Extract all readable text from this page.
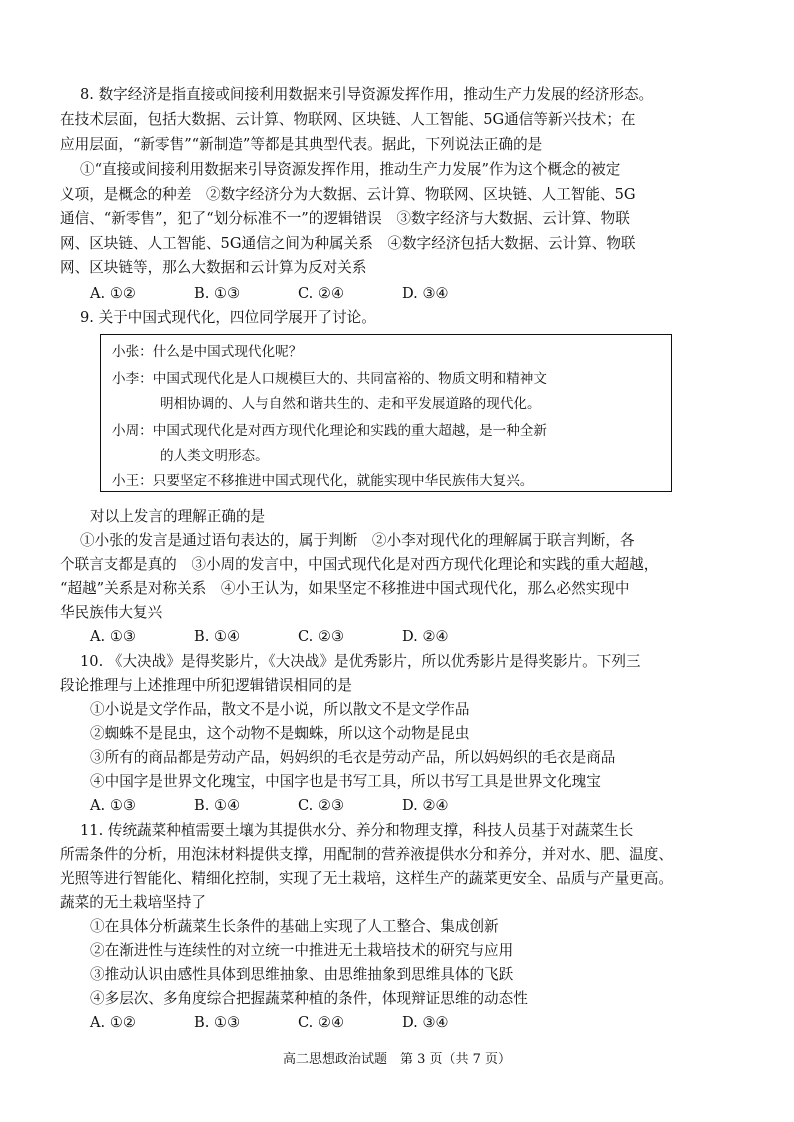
8. 数字经济是指直接或间接利用数据来引导资源发挥作用，推动生产力发展的经济形态。
在技术层面，包括大数据、云计算、物联网、区块链、人工智能、5G通信等新兴技术；在
应用层面，“新零售”“新制造”等都是其典型代表。据此，下列说法正确的是
①“直接或间接利用数据来引导资源发挥作用，推动生产力发展”作为这个概念的被定
义项，是概念的种差　②数字经济分为大数据、云计算、物联网、区块链、人工智能、5G
通信、“新零售”，犯了“划分标准不一”的逻辑错误　③数字经济与大数据、云计算、物联
网、区块链、人工智能、5G通信之间为种属关系　④数字经济包括大数据、云计算、物联
网、区块链等，那么大数据和云计算为反对关系
A. ①②	B. ①③	C. ②④	D. ③④
9. 关于中国式现代化，四位同学展开了讨论。
小张：什么是中国式现代化呢？
小李：中国式现代化是人口规模巨大的、共同富裕的、物质文明和精神文
明相协调的、人与自然和谐共生的、走和平发展道路的现代化。
小周：中国式现代化是对西方现代化理论和实践的重大超越，是一种全新
的人类文明形态。
小王：只要坚定不移推进中国式现代化，就能实现中华民族伟大复兴。
对以上发言的理解正确的是
①小张的发言是通过语句表达的，属于判断　②小李对现代化的理解属于联言判断，各
个联言支都是真的　③小周的发言中，中国式现代化是对西方现代化理论和实践的重大超越，
“超越”关系是对称关系　④小王认为，如果坚定不移推进中国式现代化，那么必然实现中
华民族伟大复兴
A. ①③	B. ①④	C. ②③	D. ②④
10. 《大决战》是得奖影片，《大决战》是优秀影片，所以优秀影片是得奖影片。下列三
段论推理与上述推理中所犯逻辑错误相同的是
①小说是文学作品，散文不是小说，所以散文不是文学作品
②蜘蛛不是昆虫，这个动物不是蜘蛛，所以这个动物是昆虫
③所有的商品都是劳动产品，妈妈织的毛衣是劳动产品，所以妈妈织的毛衣是商品
④中国字是世界文化瑰宝，中国字也是书写工具，所以书写工具是世界文化瑰宝
A. ①③	B. ①④	C. ②③	D. ②④
11. 传统蔬菜种植需要土壤为其提供水分、养分和物理支撑，科技人员基于对蔬菜生长
所需条件的分析，用泡沫材料提供支撑，用配制的营养液提供水分和养分，并对水、肥、温度、
光照等进行智能化、精细化控制，实现了无土栽培，这样生产的蔬菜更安全、品质与产量更高。
蔬菜的无土栽培坚持了
①在具体分析蔬菜生长条件的基础上实现了人工整合、集成创新
②在渐进性与连续性的对立统一中推进无土栽培技术的研究与应用
③推动认识由感性具体到思维抽象、由思维抽象到思维具体的飞跃
④多层次、多角度综合把握蔬菜种植的条件，体现辩证思维的动态性
A. ①②	B. ①③	C. ②④	D. ③④
高二思想政治试题　第 3 页（共 7 页）
